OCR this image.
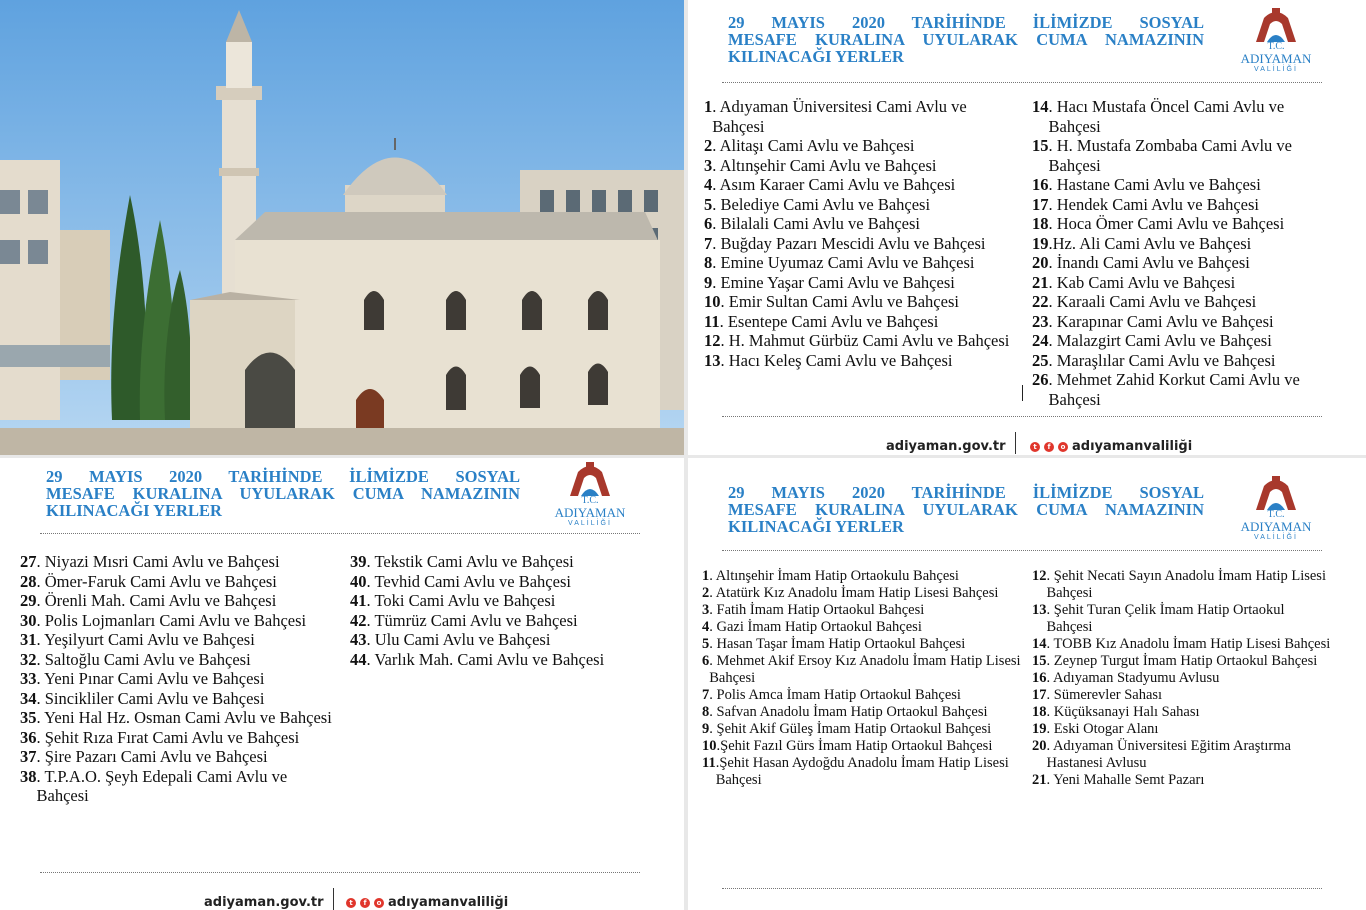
29 MAYIS 2020 TARİHİNDE İLİMİZDE SOSYAL
MESAFE KURALINA UYULARAK CUMA NAMAZININ
KILINACAĞI YERLER
T.C.
ADIYAMAN
VALİLİĞİ
1 . Adıyaman Üniversitesi Cami Avlu ve Bahçesi
2 . Alitaşı Cami Avlu ve Bahçesi
3 . Altınşehir Cami Avlu ve Bahçesi
4 . Asım Karaer Cami Avlu ve Bahçesi
5 . Belediye Cami Avlu ve Bahçesi
6 . Bilalali Cami Avlu ve Bahçesi
7 . Buğday Pazarı Mescidi Avlu ve Bahçesi
8 . Emine Uyumaz Cami Avlu ve Bahçesi
9 . Emine Yaşar Cami Avlu ve Bahçesi
10 . Emir Sultan Cami Avlu ve Bahçesi
11 . Esentepe Cami Avlu ve Bahçesi
12 . H. Mahmut Gürbüz Cami Avlu ve Bahçesi
13 . Hacı Keleş Cami Avlu ve Bahçesi
14 . Hacı Mustafa Öncel Cami Avlu ve Bahçesi
15 . H. Mustafa Zombaba Cami Avlu ve Bahçesi
16 . Hastane Cami Avlu ve Bahçesi
17 . Hendek Cami Avlu ve Bahçesi
18 . Hoca Ömer Cami Avlu ve Bahçesi
19 .Hz. Ali Cami Avlu ve Bahçesi
20 . İnandı Cami Avlu ve Bahçesi
21 . Kab Cami Avlu ve Bahçesi
22 . Karaali Cami Avlu ve Bahçesi
23 . Karapınar Cami Avlu ve Bahçesi
24 . Malazgirt Cami Avlu ve Bahçesi
25 . Maraşlılar Cami Avlu ve Bahçesi
26 . Mehmet Zahid Korkut Cami Avlu ve Bahçesi
adiyaman.gov.tr	t	f	o adıyamanvaliliği
29 MAYIS 2020 TARİHİNDE İLİMİZDE SOSYAL
MESAFE KURALINA UYULARAK CUMA NAMAZININ
KILINACAĞI YERLER
T.C.
ADIYAMAN
VALİLİĞİ
27 . Niyazi Mısri Cami Avlu ve Bahçesi
28 . Ömer-Faruk Cami Avlu ve Bahçesi
29 . Örenli Mah. Cami Avlu ve Bahçesi
30 . Polis Lojmanları Cami Avlu ve Bahçesi
31 . Yeşilyurt Cami Avlu ve Bahçesi
32 . Saltoğlu Cami Avlu ve Bahçesi
33 . Yeni Pınar Cami Avlu ve Bahçesi
34 . Sincikliler Cami Avlu ve Bahçesi
35 . Yeni Hal Hz. Osman Cami Avlu ve Bahçesi
36 . Şehit Rıza Fırat Cami Avlu ve Bahçesi
37 . Şire Pazarı Cami Avlu ve Bahçesi
38 . T.P.A.O. Şeyh Edepali Cami Avlu ve Bahçesi
39 . Tekstik Cami Avlu ve Bahçesi
40 . Tevhid Cami Avlu ve Bahçesi
41 . Toki Cami Avlu ve Bahçesi
42 . Tümrüz Cami Avlu ve Bahçesi
43 . Ulu Cami Avlu ve Bahçesi
44 . Varlık Mah. Cami Avlu ve Bahçesi
adiyaman.gov.tr	t	f	o adıyamanvaliliği
29 MAYIS 2020 TARİHİNDE İLİMİZDE SOSYAL
MESAFE KURALINA UYULARAK CUMA NAMAZININ
KILINACAĞI YERLER
T.C.
ADIYAMAN
VALİLİĞİ
1 . Altınşehir İmam Hatip Ortaokulu Bahçesi
2 . Atatürk Kız Anadolu İmam Hatip Lisesi Bahçesi
3 . Fatih İmam Hatip Ortaokul Bahçesi
4 . Gazi İmam Hatip Ortaokul Bahçesi
5 . Hasan Taşar İmam Hatip Ortaokul Bahçesi
6 . Mehmet Akif Ersoy Kız Anadolu İmam Hatip Lisesi Bahçesi
7 . Polis Amca İmam Hatip Ortaokul Bahçesi
8 . Safvan Anadolu İmam Hatip Ortaokul Bahçesi
9 . Şehit Akif Güleş İmam Hatip Ortaokul Bahçesi
10 .Şehit Fazıl Gürs İmam Hatip Ortaokul Bahçesi
11 .Şehit Hasan Aydoğdu Anadolu İmam Hatip Lisesi Bahçesi
12 . Şehit Necati Sayın Anadolu İmam Hatip Lisesi Bahçesi
13 . Şehit Turan Çelik İmam Hatip Ortaokul Bahçesi
14 . TOBB Kız Anadolu İmam Hatip Lisesi Bahçesi
15 . Zeynep Turgut İmam Hatip Ortaokul Bahçesi
16 . Adıyaman Stadyumu Avlusu
17 . Sümerevler Sahası
18 . Küçüksanayi Halı Sahası
19 . Eski Otogar Alanı
20 . Adıyaman Üniversitesi Eğitim Araştırma Hastanesi Avlusu
21 . Yeni Mahalle Semt Pazarı
